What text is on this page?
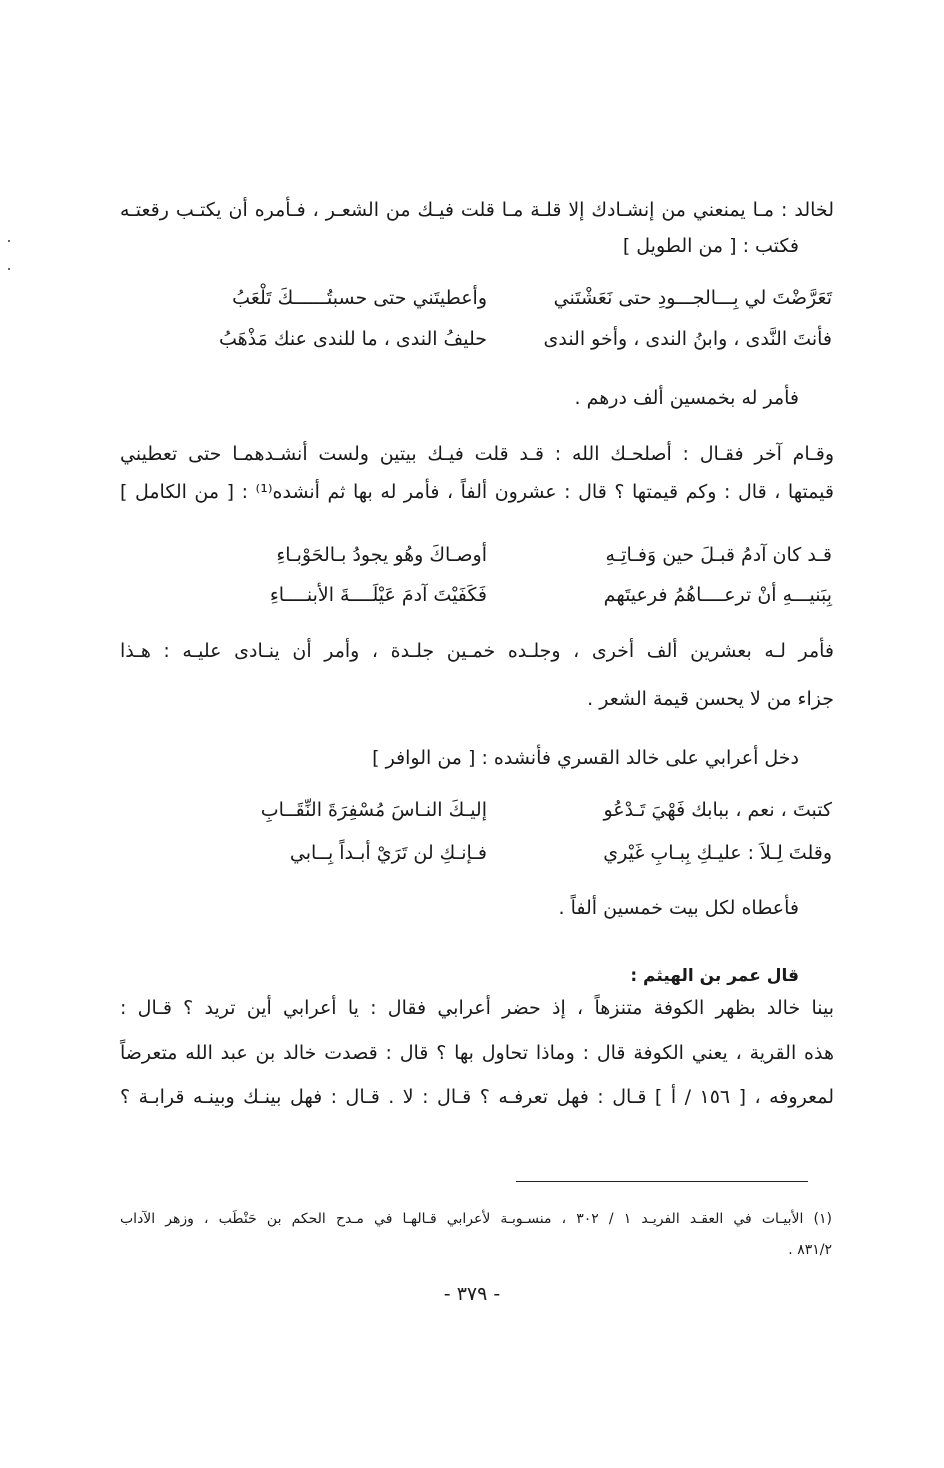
لخالد : مـا يمنعني من إنشـادك إلا قلـة مـا قلت فيـك من الشعـر ، فـأمره أن يكتـب رقعتـه
فكتب : [ من الطويل ]
تَعَرَّضْتَ لي بِـــالجـــودِ حتى نَعَشْتَني
وأعطيتَني حتى حسبتُــــــكَ تَلْعَبُ
فأنتَ النَّدى ، وابنُ الندى ، وأخو الندى
حليفُ الندى ، ما للندى عنك مَذْهَبُ
فأمر له بخمسين ألف درهم .
وقـام آخر فقـال : أصلحـك الله : قـد قلت فيـك بيتين ولست أنشـدهمـا حتى تعطيني
قيمتها ، قال : وكم قيمتها ؟ قال : عشرون ألفاً ، فأمر له بها ثم أنشده⁽¹⁾ : [ من الكامل ]
قـد كان آدمُ قبـلَ حين وَفـاتِـهِ
أوصـاكَ وهُو يجودُ بـالحَوْبـاءِ
بِبَنيـــهِ أنْ ترعــــاهُمُ فرعيتَهم
فَكَفَيْتَ آدمَ عَيْلَــــةَ الأبنــــاءِ
فأمر لـه بعشرين ألف أخرى ، وجلـده خمـين جلـدة ، وأمر أن ينـادى عليـه : هـذا
جزاء من لا يحسن قيمة الشعر .
دخل أعرابي على خالد القسري فأنشده : [ من الوافر ]
كتبتَ ، نعم ، ببابك فَهْيَ تَـدْعُو
إليـكَ النـاسَ مُسْفِرَةَ النِّقَــابِ
وقلتَ لِـلاَ : عليـكِ بِبـابِ غَيْري
فـإنـكِ لن تَرَيْ أبـداً بِــابي
فأعطاه لكل بيت خمسين ألفاً .
قال عمر بن الهيثم :
بينا خالد بظهر الكوفة متنزهاً ، إذ حضر أعرابي فقال : يا أعرابي أين تريد ؟ قـال :
هذه القرية ، يعني الكوفة قال : وماذا تحاول بها ؟ قال : قصدت خالد بن عبد الله متعرضاً
لمعروفه ، [ ١٥٦ / أ ] قـال : فهل تعرفـه ؟ قـال : لا . قـال : فهل بينـك وبينـه قرابـة ؟
(١) الأبيـات في العقـد الفريـد ١ / ٣٠٢ ، منسـوبـة لأعرابي قـالهـا في مـدح الحكم بن حَنْطَب ، وزهر الآداب
٨٣١/٢ .
- ٣٧٩ -
